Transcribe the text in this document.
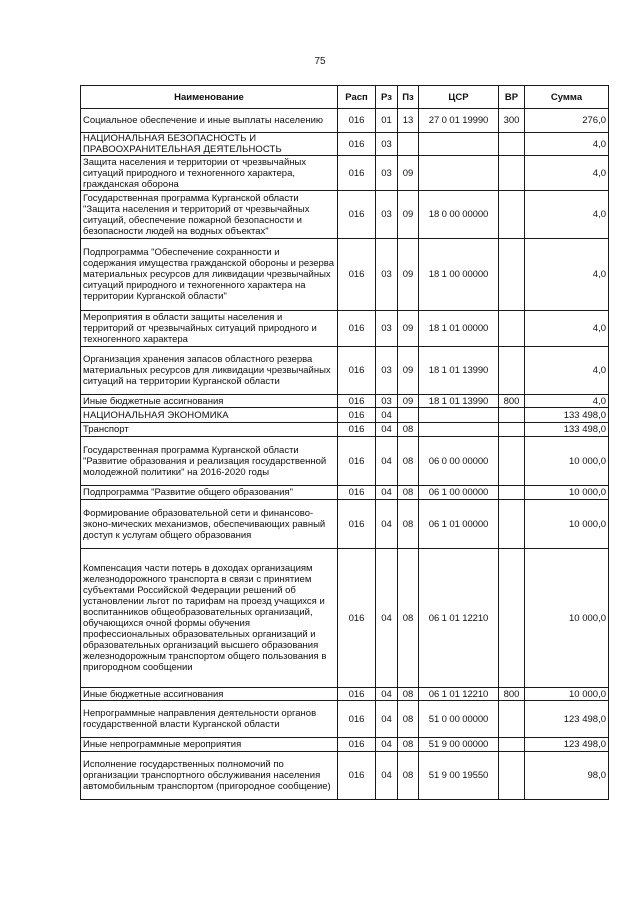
75
Наименование	Расп	Рз	Пз	ЦСР	ВР	Сумма
Социальное обеспечение и иные выплаты населению	016	01	13	27 0 01 19990	300	276,0
НАЦИОНАЛЬНАЯ БЕЗОПАСНОСТЬ И ПРАВООХРАНИТЕЛЬНАЯ ДЕЯТЕЛЬНОСТЬ	016	03				4,0
Защита населения и территории от чрезвычайных ситуаций природного и техногенного характера, гражданская оборона	016	03	09			4,0
Государственная программа Курганской области "Защита населения и территорий от чрезвычайных ситуаций, обеспечение пожарной безопасности и безопасности людей на водных объектах"	016	03	09	18 0 00 00000		4,0
Подпрограмма "Обеспечение сохранности и содержания имущества гражданской обороны и резерва материальных ресурсов для ликвидации чрезвычайных ситуаций природного и техногенного характера на территории Курганской области"	016	03	09	18 1 00 00000		4,0
Мероприятия в области защиты населения и территорий от чрезвычайных ситуаций природного и техногенного характера	016	03	09	18 1 01 00000		4,0
Организация хранения запасов областного резерва материальных ресурсов для ликвидации чрезвычайных ситуаций на территории Курганской области	016	03	09	18 1 01 13990		4,0
Иные бюджетные ассигнования	016	03	09	18 1 01 13990	800	4,0
НАЦИОНАЛЬНАЯ ЭКОНОМИКА	016	04				133 498,0
Транспорт	016	04	08			133 498,0
Государственная программа Курганской области "Развитие образования и реализация государственной молодежной политики" на 2016-2020 годы	016	04	08	06 0 00 00000		10 000,0
Подпрограмма "Развитие общего образования"	016	04	08	06 1 00 00000		10 000,0
Формирование образовательной сети и финансово-эконо-мических механизмов, обеспечивающих равный доступ к услугам общего образования	016	04	08	06 1 01 00000		10 000,0
Компенсация части потерь в доходах организациям железнодорожного транспорта в связи с принятием субъектами Российской Федерации решений об установлении льгот по тарифам на проезд учащихся и воспитанников общеобразовательных организаций, обучающихся очной формы обучения профессиональных образовательных организаций и образовательных организаций высшего образования железнодорожным транспортом общего пользования в пригородном сообщении	016	04	08	06 1 01 12210		10 000,0
Иные бюджетные ассигнования	016	04	08	06 1 01 12210	800	10 000,0
Непрограммные направления деятельности органов государственной власти Курганской области	016	04	08	51 0 00 00000		123 498,0
Иные непрограммные мероприятия	016	04	08	51 9 00 00000		123 498,0
Исполнение государственных полномочий по организации транспортного обслуживания населения автомобильным транспортом (пригородное сообщение)	016	04	08	51 9 00 19550		98,0
